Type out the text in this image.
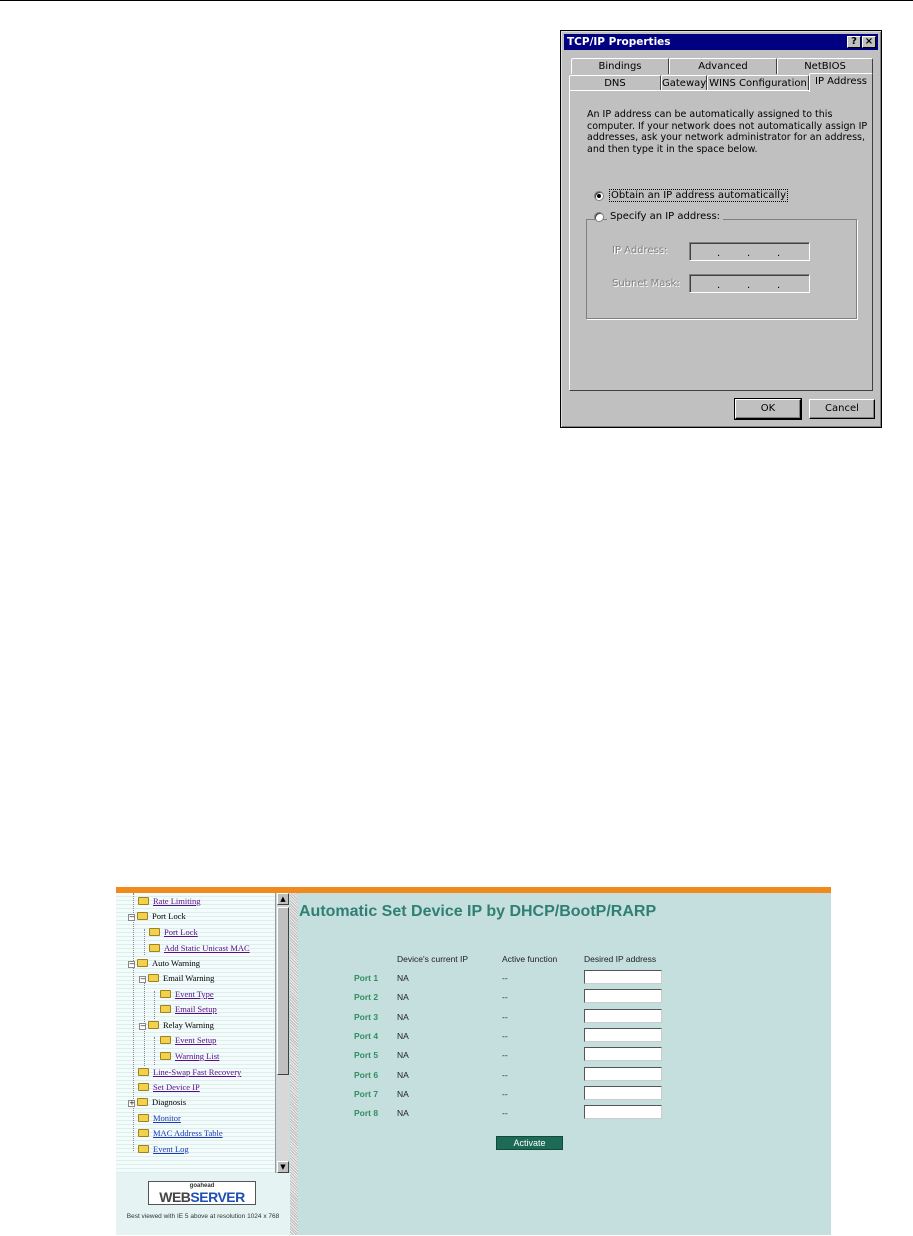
TCP/IP Properties	? ×
Bindings	Advanced	NetBIOS
DNS	Gateway WINS Configuration IP Address
An IP address can be automatically assigned to this computer. If your network does not automatically assign IP addresses, ask your network administrator for an address, and then type it in the space below.
Obtain an IP address automatically
Specify an IP address:
IP Address:	.	.	.
Subnet Mask:	.	.	.
OK	Cancel
Rate Limiting
− Port Lock
Port Lock
Add Static Unicast MAC
− Auto Warning
− Email Warning
Event Type
Email Setup
− Relay Warning
Event Setup
Warning List
Line-Swap Fast Recovery
Set Device IP
+ Diagnosis
Monitor
MAC Address Table
Event Log
▲
▼
goahead
WEBSERVER
Best viewed with IE 5 above at resolution 1024 x 768
Automatic Set Device IP by DHCP/BootP/RARP
Device's current IP	Active function	Desired IP address
Port 1 NA	--
Port 2 NA	--
Port 3 NA	--
Port 4 NA	--
Port 5 NA	--
Port 6 NA	--
Port 7 NA	--
Port 8 NA	--
Activate
